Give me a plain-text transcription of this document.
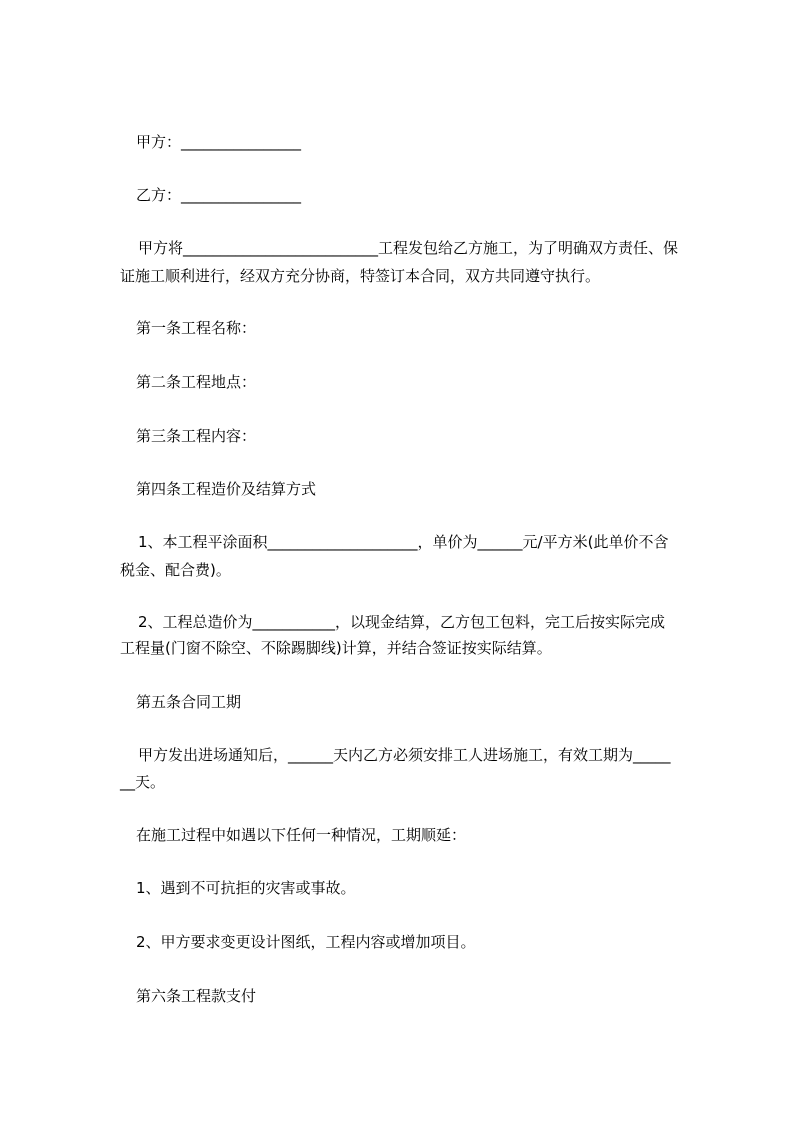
甲方：________________
乙方：________________
甲方将__________________________工程发包给乙方施工，为了明确双方责任、保
证施工顺利进行，经双方充分协商，特签订本合同，双方共同遵守执行。
第一条工程名称：
第二条工程地点：
第三条工程内容：
第四条工程造价及结算方式
1、本工程平涂面积____________________，单价为______元/平方米(此单价不含
税金、配合费)。
2、工程总造价为___________，以现金结算，乙方包工包料，完工后按实际完成
工程量(门窗不除空、不除踢脚线)计算，并结合签证按实际结算。
第五条合同工期
甲方发出进场通知后，______天内乙方必须安排工人进场施工，有效工期为_____
__天。
在施工过程中如遇以下任何一种情况，工期顺延：
1、遇到不可抗拒的灾害或事故。
2、甲方要求变更设计图纸，工程内容或增加项目。
第六条工程款支付
